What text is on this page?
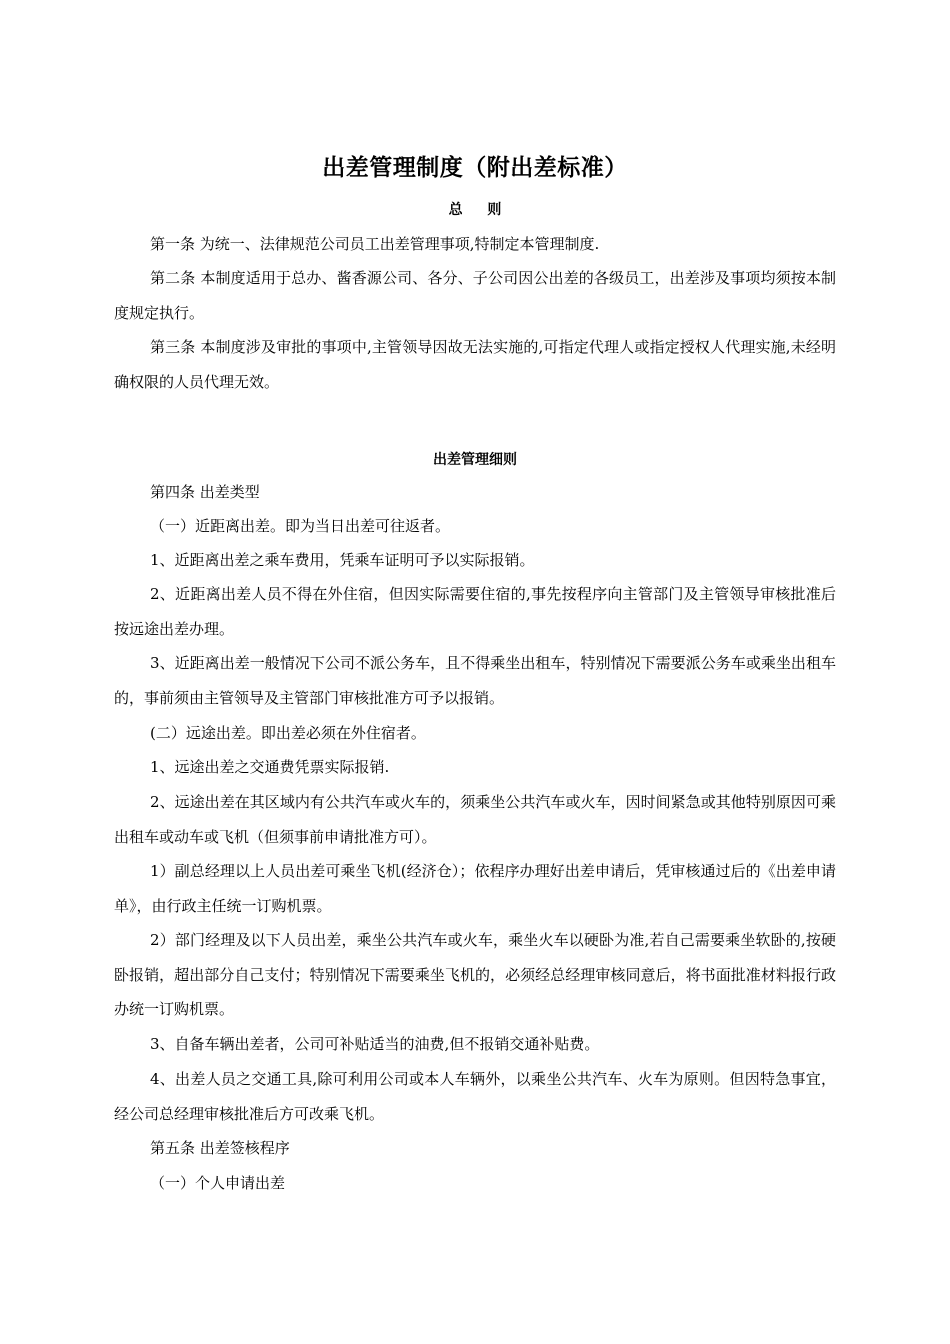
出差管理制度（附出差标准）
总 则

第一条 为统一、法律规范公司员工出差管理事项,特制定本管理制度.

第二条 本制度适用于总办、酱香源公司、各分、子公司因公出差的各级员工，出差涉及事项均须按本制度规定执行。

第三条 本制度涉及审批的事项中,主管领导因故无法实施的,可指定代理人或指定授权人代理实施,未经明确权限的人员代理无效。

出差管理细则

第四条 出差类型

（一）近距离出差。即为当日出差可往返者。

1、近距离出差之乘车费用，凭乘车证明可予以实际报销。

2、近距离出差人员不得在外住宿，但因实际需要住宿的,事先按程序向主管部门及主管领导审核批准后按远途出差办理。

3、近距离出差一般情况下公司不派公务车，且不得乘坐出租车，特别情况下需要派公务车或乘坐出租车的，事前须由主管领导及主管部门审核批准方可予以报销。

(二）远途出差。即出差必须在外住宿者。

1、远途出差之交通费凭票实际报销.

2、远途出差在其区域内有公共汽车或火车的，须乘坐公共汽车或火车，因时间紧急或其他特别原因可乘出租车或动车或飞机（但须事前申请批准方可）。

1）副总经理以上人员出差可乘坐飞机(经济仓）；依程序办理好出差申请后，凭审核通过后的《出差申请单》，由行政主任统一订购机票。

2）部门经理及以下人员出差，乘坐公共汽车或火车，乘坐火车以硬卧为准,若自己需要乘坐软卧的,按硬卧报销，超出部分自己支付；特别情况下需要乘坐飞机的，必须经总经理审核同意后，将书面批准材料报行政办统一订购机票。

3、自备车辆出差者，公司可补贴适当的油费,但不报销交通补贴费。

4、出差人员之交通工具,除可利用公司或本人车辆外，以乘坐公共汽车、火车为原则。但因特急事宜，经公司总经理审核批准后方可改乘飞机。

第五条 出差签核程序

（一）个人申请出差
